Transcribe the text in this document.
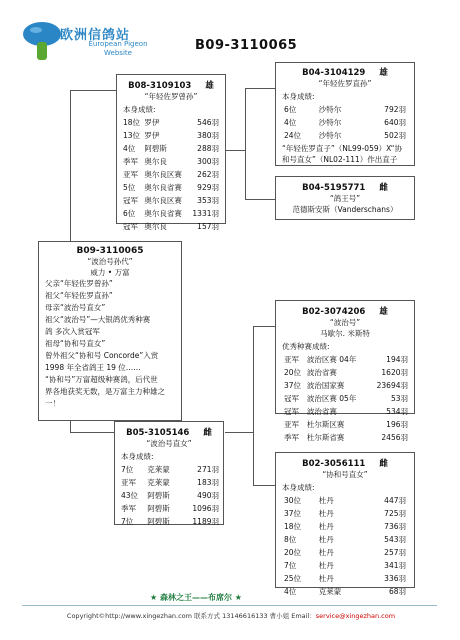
欧洲信鸽站
European Pigeon
Website	B09-3110065
B08-3109103 雄
“年轻佐罗曾孙”
本身成绩:
18位	罗伊	546羽
13位	罗伊	380羽
4位	阿碧斯	288羽
季军	奥尔良	300羽
亚军	奥尔良区赛	262羽
5位	奥尔良省赛	929羽
冠军	奥尔良区赛	353羽
6位	奥尔良省赛	1331羽
冠军	奥尔良	157羽
B09-3110065
“波治号孙代”
威力 • 万富
父亲“年轻佐罗曾孙”
祖父“年轻佐罗直孙”
母亲“波治号直女”
祖父“波治号”—大银鸽优秀种赛
鸽 多次入赏冠军
祖母“协和号直女”
曾外祖父“协和号 Concorde”入赏
1998 年全省鸽王 19 位……
“协和号”万富超级种赛鸽，后代世
界各地获奖无数，是万富主力种雄之
一！
B05-3105146 雌
“波治号直女”
本身成绩:
7位	克莱蒙	271羽
亚军	克莱蒙	183羽
43位	阿碧斯	490羽
季军	阿碧斯	1096羽
7位	阿碧斯	1189羽
B04-3104129 雄
“年轻佐罗直孙”
本身成绩:
6位	沙特尔	792羽
4位	沙特尔	640羽
24位	沙特尔	502羽
“年轻佐罗直子”（NL99-059）X“协
和号直女”（NL02-111）作出直子
B04-5195771 雌
“鸽王号”
范德斯安斯（Vanderschans）
B02-3074206 雄
“波治号”
马歇尔. 米斯特
优秀种赛成绩:
亚军	波治区赛 04年	194羽
20位	波治省赛	1620羽
37位	波治国家赛	23694羽
冠军	波治区赛 05年	53羽
冠军	波治省赛	534羽
亚军	杜尔斯区赛	196羽
季军	杜尔斯省赛	2456羽
B02-3056111 雌
“协和号直女”
本身成绩:
30位	杜丹	447羽
37位	杜丹	725羽
18位	杜丹	736羽
8位	杜丹	543羽
20位	杜丹	257羽
7位	杜丹	341羽
25位	杜丹	336羽
4位	克莱蒙	68羽
★ 森林之王——布席尔 ★
Copyright©http://www.xingezhan.com 联系方式 13146616133 曹小姐 Email：service@xingezhan.com
